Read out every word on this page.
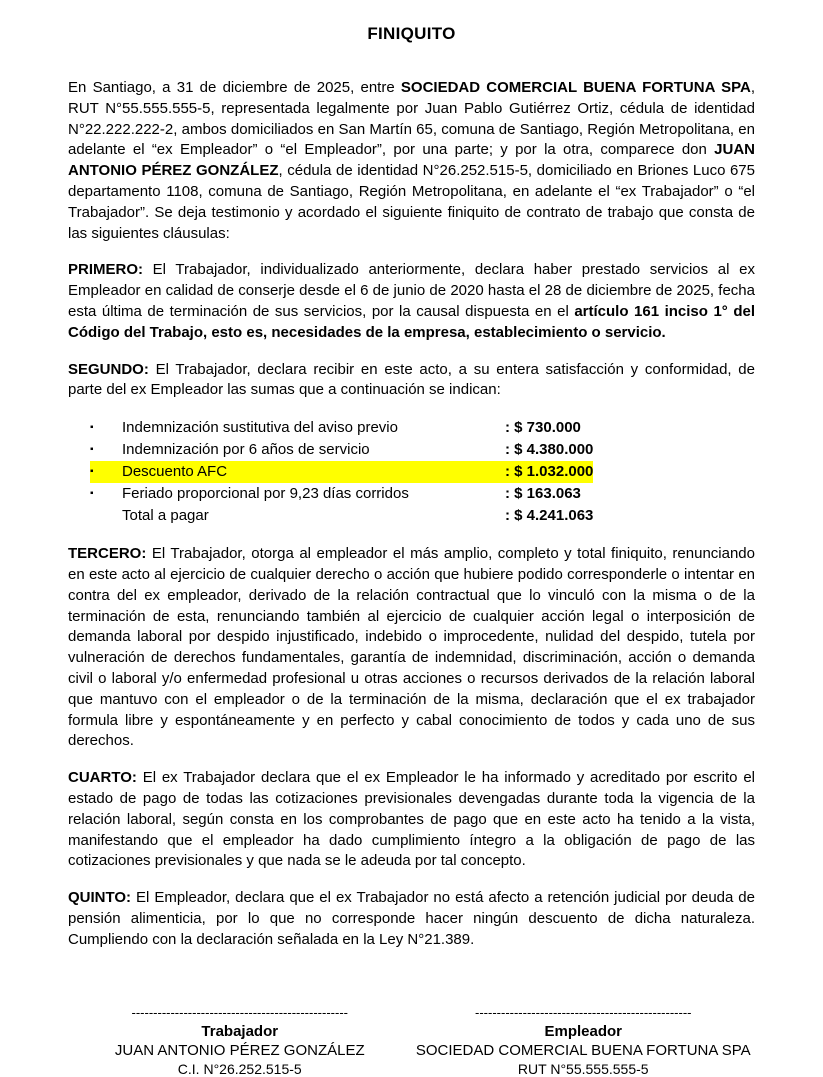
FINIQUITO

En Santiago, a 31 de diciembre de 2025, entre SOCIEDAD COMERCIAL BUENA FORTUNA SPA, RUT N°55.555.555-5, representada legalmente por Juan Pablo Gutiérrez Ortiz, cédula de identidad N°22.222.222-2, ambos domiciliados en San Martín 65, comuna de Santiago, Región Metropolitana, en adelante el “ex Empleador” o “el Empleador”, por una parte; y por la otra, comparece don JUAN ANTONIO PÉREZ GONZÁLEZ, cédula de identidad N°26.252.515-5, domiciliado en Briones Luco 675 departamento 1108, comuna de Santiago, Región Metropolitana, en adelante el “ex Trabajador” o “el Trabajador”. Se deja testimonio y acordado el siguiente finiquito de contrato de trabajo que consta de las siguientes cláusulas:

PRIMERO: El Trabajador, individualizado anteriormente, declara haber prestado servicios al ex Empleador en calidad de conserje desde el 6 de junio de 2020 hasta el 28 de diciembre de 2025, fecha esta última de terminación de sus servicios, por la causal dispuesta en el artículo 161 inciso 1° del Código del Trabajo, esto es, necesidades de la empresa, establecimiento o servicio.

SEGUNDO: El Trabajador, declara recibir en este acto, a su entera satisfacción y conformidad, de parte del ex Empleador las sumas que a continuación se indican:

▪	Indemnización sustitutiva del aviso previo	: $ 730.000
▪	Indemnización por 6 años de servicio	: $ 4.380.000
▪	Descuento AFC	: $ 1.032.000
▪	Feriado proporcional por 9,23 días corridos	: $ 163.063
Total a pagar	: $ 4.241.063

TERCERO: El Trabajador, otorga al empleador el más amplio, completo y total finiquito, renunciando en este acto al ejercicio de cualquier derecho o acción que hubiere podido corresponderle o intentar en contra del ex empleador, derivado de la relación contractual que lo vinculó con la misma o de la terminación de esta, renunciando también al ejercicio de cualquier acción legal o interposición de demanda laboral por despido injustificado, indebido o improcedente, nulidad del despido, tutela por vulneración de derechos fundamentales, garantía de indemnidad, discriminación, acción o demanda civil o laboral y/o enfermedad profesional u otras acciones o recursos derivados de la relación laboral que mantuvo con el empleador o de la terminación de la misma, declaración que el ex trabajador formula libre y espontáneamente y en perfecto y cabal conocimiento de todos y cada uno de sus derechos.

CUARTO: El ex Trabajador declara que el ex Empleador le ha informado y acreditado por escrito el estado de pago de todas las cotizaciones previsionales devengadas durante toda la vigencia de la relación laboral, según consta en los comprobantes de pago que en este acto ha tenido a la vista, manifestando que el empleador ha dado cumplimiento íntegro a la obligación de pago de las cotizaciones previsionales y que nada se le adeuda por tal concepto.

QUINTO: El Empleador, declara que el ex Trabajador no está afecto a retención judicial por deuda de pensión alimenticia, por lo que no corresponde hacer ningún descuento de dicha naturaleza. Cumpliendo con la declaración señalada en la Ley N°21.389.

--------------------------------------------------
Trabajador
JUAN ANTONIO PÉREZ GONZÁLEZ
C.I. N°26.252.515-5
--------------------------------------------------
Empleador
SOCIEDAD COMERCIAL BUENA FORTUNA SPA
RUT N°55.555.555-5
